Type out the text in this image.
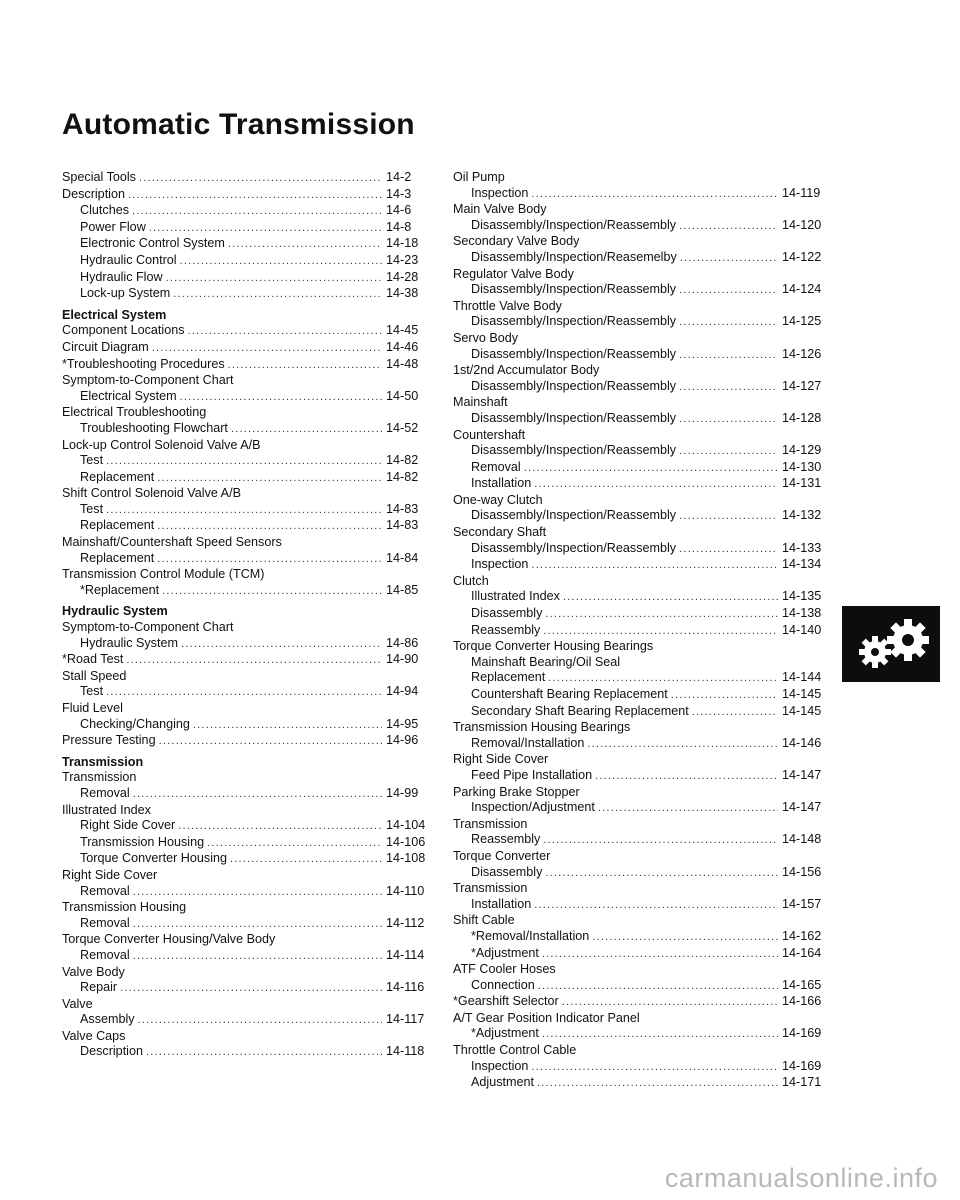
Automatic Transmission
Special Tools .....	14-2
Description .....	14-3
Clutches .....	14-6
Power Flow .....	14-8
Electronic Control System .....	14-18
Hydraulic Control .....	14-23
Hydraulic Flow .....	14-28
Lock-up System .....	14-38
Electrical System
Component Locations .....	14-45
Circuit Diagram .....	14-46
*Troubleshooting Procedures .....	14-48
Symptom-to-Component Chart
Electrical System .....	14-50
Electrical Troubleshooting
Troubleshooting Flowchart .....	14-52
Lock-up Control Solenoid Valve A/B
Test .....	14-82
Replacement .....	14-82
Shift Control Solenoid Valve A/B
Test .....	14-83
Replacement .....	14-83
Mainshaft/Countershaft Speed Sensors
Replacement .....	14-84
Transmission Control Module (TCM)
*Replacement .....	14-85
Hydraulic System
Symptom-to-Component Chart
Hydraulic System .....	14-86
*Road Test .....	14-90
Stall Speed
Test .....	14-94
Fluid Level
Checking/Changing .....	14-95
Pressure Testing .....	14-96
Transmission
Transmission
Removal .....	14-99
Illustrated Index
Right Side Cover .....	14-104
Transmission Housing .....	14-106
Torque Converter Housing .....	14-108
Right Side Cover
Removal .....	14-110
Transmission Housing
Removal .....	14-112
Torque Converter Housing/Valve Body
Removal .....	14-114
Valve Body
Repair .....	14-116
Valve
Assembly .....	14-117
Valve Caps
Description .....	14-118
Oil Pump
Inspection .....	14-119
Main Valve Body
Disassembly/Inspection/Reassembly .....	14-120
Secondary Valve Body
Disassembly/Inspection/Reasemelby .....	14-122
Regulator Valve Body
Disassembly/Inspection/Reassembly .....	14-124
Throttle Valve Body
Disassembly/Inspection/Reassembly .....	14-125
Servo Body
Disassembly/Inspection/Reassembly .....	14-126
1st/2nd Accumulator Body
Disassembly/Inspection/Reassembly .....	14-127
Mainshaft
Disassembly/Inspection/Reassembly .....	14-128
Countershaft
Disassembly/Inspection/Reassembly .....	14-129
Removal .....	14-130
Installation .....	14-131
One-way Clutch
Disassembly/Inspection/Reassembly .....	14-132
Secondary Shaft
Disassembly/Inspection/Reassembly .....	14-133
Inspection .....	14-134
Clutch
Illustrated Index .....	14-135
Disassembly .....	14-138
Reassembly .....	14-140
Torque Converter Housing Bearings
Mainshaft Bearing/Oil Seal
Replacement .....	14-144
Countershaft Bearing Replacement .....	14-145
Secondary Shaft Bearing Replacement .....	14-145
Transmission Housing Bearings
Removal/Installation .....	14-146
Right Side Cover
Feed Pipe Installation .....	14-147
Parking Brake Stopper
Inspection/Adjustment .....	14-147
Transmission
Reassembly .....	14-148
Torque Converter
Disassembly .....	14-156
Transmission
Installation .....	14-157
Shift Cable
*Removal/Installation .....	14-162
*Adjustment .....	14-164
ATF Cooler Hoses
Connection .....	14-165
*Gearshift Selector .....	14-166
A/T Gear Position Indicator Panel
*Adjustment .....	14-169
Throttle Control Cable
Inspection .....	14-169
Adjustment .....	14-171
carmanualsonline.info
